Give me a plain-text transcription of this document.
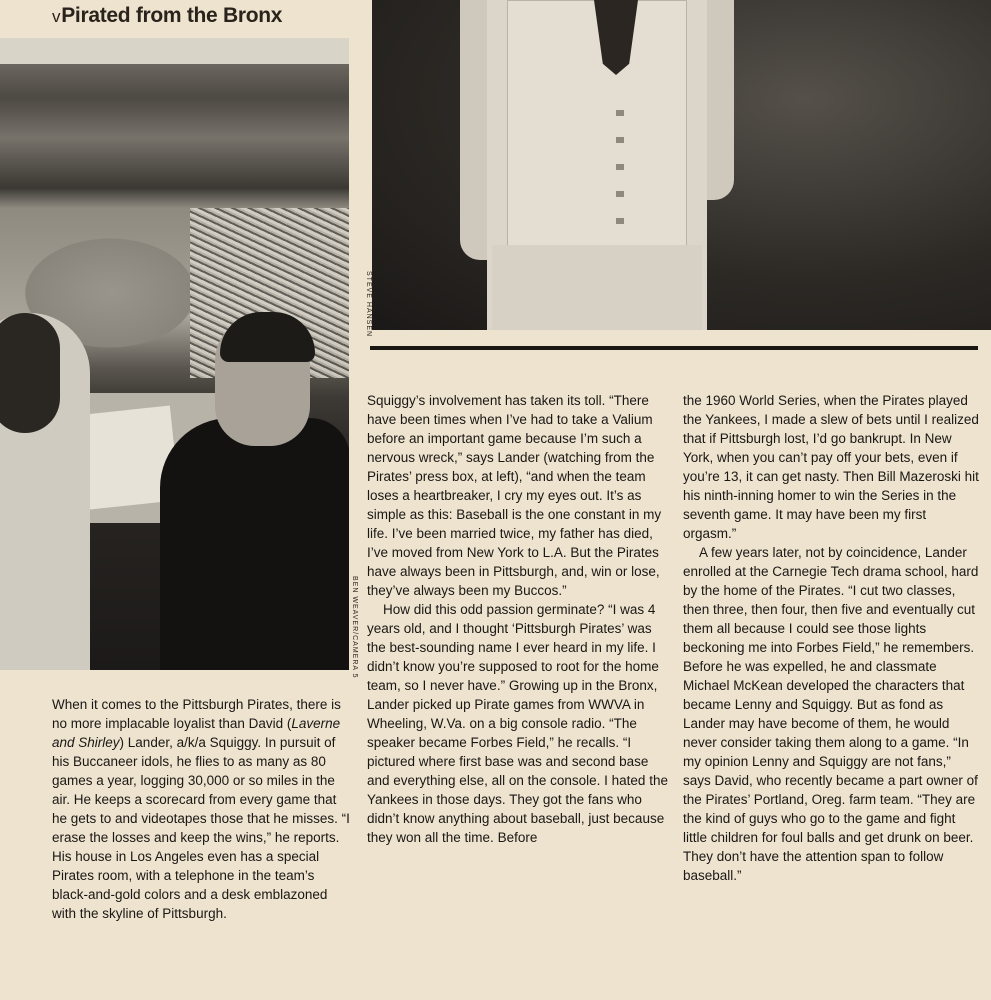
vPirated from the Bronx
BEN WEAVER/CAMERA 5
STEVE HANSEN

When it comes to the Pittsburgh Pirates, there is no more implacable loyalist than David (Laverne and Shirley) Lander, a/k/a Squiggy. In pursuit of his Buccaneer idols, he flies to as many as 80 games a year, logging 30,000 or so miles in the air. He keeps a scorecard from every game that he gets to and videotapes those that he misses. “I erase the losses and keep the wins,” he reports. His house in Los Angeles even has a special Pirates room, with a telephone in the team’s black-and-gold colors and a desk emblazoned with the skyline of Pittsburgh.

Squiggy’s involvement has taken its toll. “There have been times when I’ve had to take a Valium before an important game because I’m such a nervous wreck,” says Lander (watching from the Pirates’ press box, at left), “and when the team loses a heartbreaker, I cry my eyes out. It’s as simple as this: Baseball is the one constant in my life. I’ve been married twice, my father has died, I’ve moved from New York to L.A. But the Pirates have always been in Pittsburgh, and, win or lose, they’ve always been my Buccos.”

How did this odd passion germinate? “I was 4 years old, and I thought ‘Pittsburgh Pirates’ was the best-sounding name I ever heard in my life. I didn’t know you’re supposed to root for the home team, so I never have.” Growing up in the Bronx, Lander picked up Pirate games from WWVA in Wheeling, W.Va. on a big console radio. “The speaker became Forbes Field,” he recalls. “I pictured where first base was and second base and everything else, all on the console. I hated the Yankees in those days. They got the fans who didn’t know anything about baseball, just because they won all the time. Before

the 1960 World Series, when the Pirates played the Yankees, I made a slew of bets until I realized that if Pittsburgh lost, I’d go bankrupt. In New York, when you can’t pay off your bets, even if you’re 13, it can get nasty. Then Bill Mazeroski hit his ninth-inning homer to win the Series in the seventh game. It may have been my first orgasm.”

A few years later, not by coincidence, Lander enrolled at the Carnegie Tech drama school, hard by the home of the Pirates. “I cut two classes, then three, then four, then five and eventually cut them all because I could see those lights beckoning me into Forbes Field,” he remembers. Before he was expelled, he and classmate Michael McKean developed the characters that became Lenny and Squiggy. But as fond as Lander may have become of them, he would never consider taking them along to a game. “In my opinion Lenny and Squiggy are not fans,” says David, who recently became a part owner of the Pirates’ Portland, Oreg. farm team. “They are the kind of guys who go to the game and fight little children for foul balls and get drunk on beer. They don’t have the attention span to follow baseball.”
